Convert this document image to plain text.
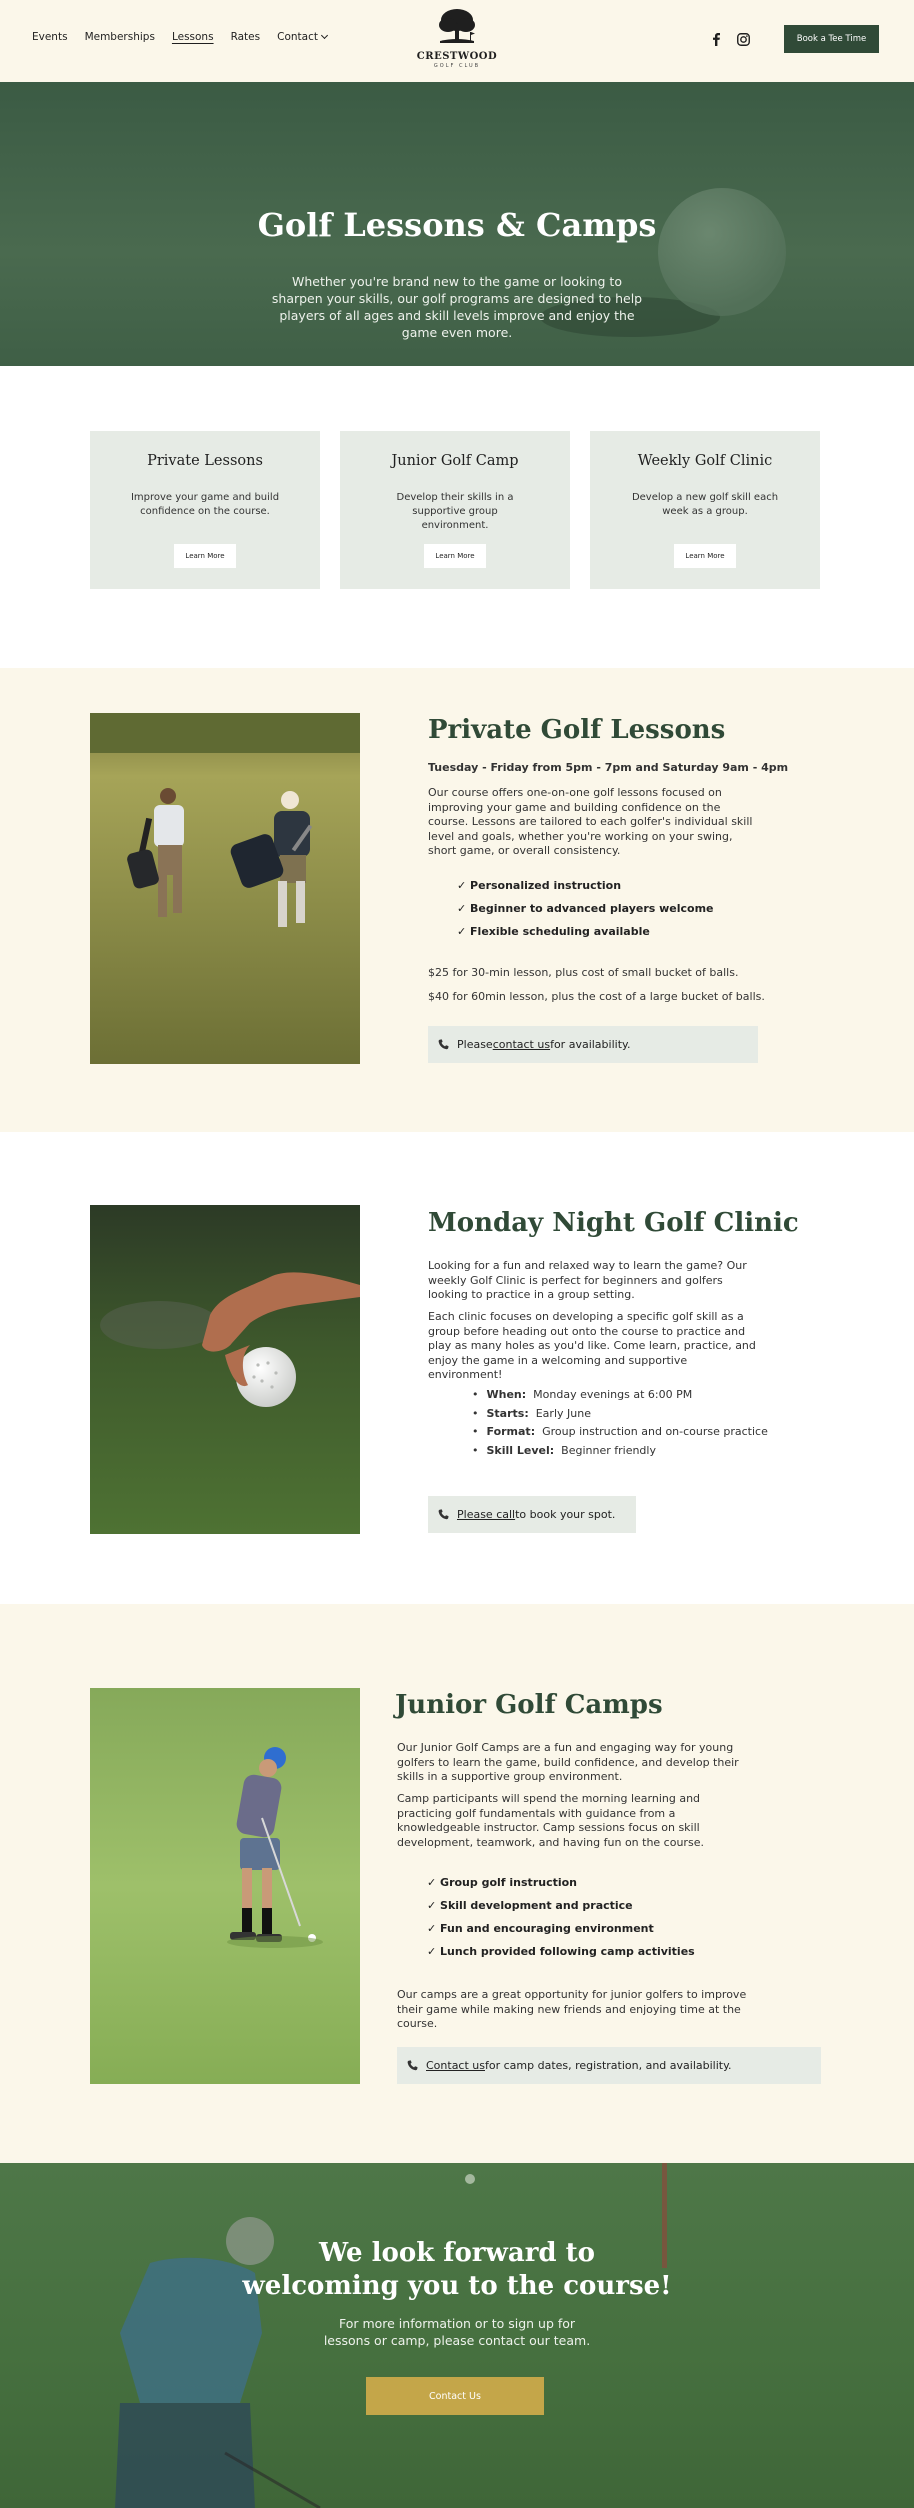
Events Memberships Lessons Rates Contact
CRESTWOOD
GOLF CLUB
Book a Tee Time
Golf Lessons & Camps

Whether you're brand new to the game or looking to sharpen your skills, our golf programs are designed to help players of all ages and skill levels improve and enjoy the game even more.

Private Lessons
Improve your game and build confidence on the course.
Learn More
Junior Golf Camp
Develop their skills in a supportive group environment.
Learn More
Weekly Golf Clinic
Develop a new golf skill each week as a group.
Learn More
Private Golf Lessons

Tuesday - Friday from 5pm - 7pm and Saturday 9am - 4pm

Our course offers one-on-one golf lessons focused on improving your game and building confidence on the course. Lessons are tailored to each golfer's individual skill level and goals, whether you're working on your swing, short game, or overall consistency.

✓ Personalized instruction
✓ Beginner to advanced players welcome
✓ Flexible scheduling available

$25 for 30-min lesson, plus cost of small bucket of balls.

$40 for 60min lesson, plus the cost of a large bucket of balls.

Please contact us for availability.
Monday Night Golf Clinic

Looking for a fun and relaxed way to learn the game? Our weekly Golf Clinic is perfect for beginners and golfers looking to practice in a group setting.

Each clinic focuses on developing a specific golf skill as a group before heading out onto the course to practice and play as many holes as you'd like. Come learn, practice, and enjoy the game in a welcoming and supportive environment!

• When: Monday evenings at 6:00 PM
• Starts: Early June
• Format: Group instruction and on-course practice
• Skill Level: Beginner friendly
Please call to book your spot.
Junior Golf Camps

Our Junior Golf Camps are a fun and engaging way for young golfers to learn the game, build confidence, and develop their skills in a supportive group environment.

Camp participants will spend the morning learning and practicing golf fundamentals with guidance from a knowledgeable instructor. Camp sessions focus on skill development, teamwork, and having fun on the course.

✓ Group golf instruction
✓ Skill development and practice
✓ Fun and encouraging environment
✓ Lunch provided following camp activities

Our camps are a great opportunity for junior golfers to improve their game while making new friends and enjoying time at the course.

Contact us for camp dates, registration, and availability.
We look forward to
welcoming you to the course!

For more information or to sign up for lessons or camp, please contact our team.

Contact Us
